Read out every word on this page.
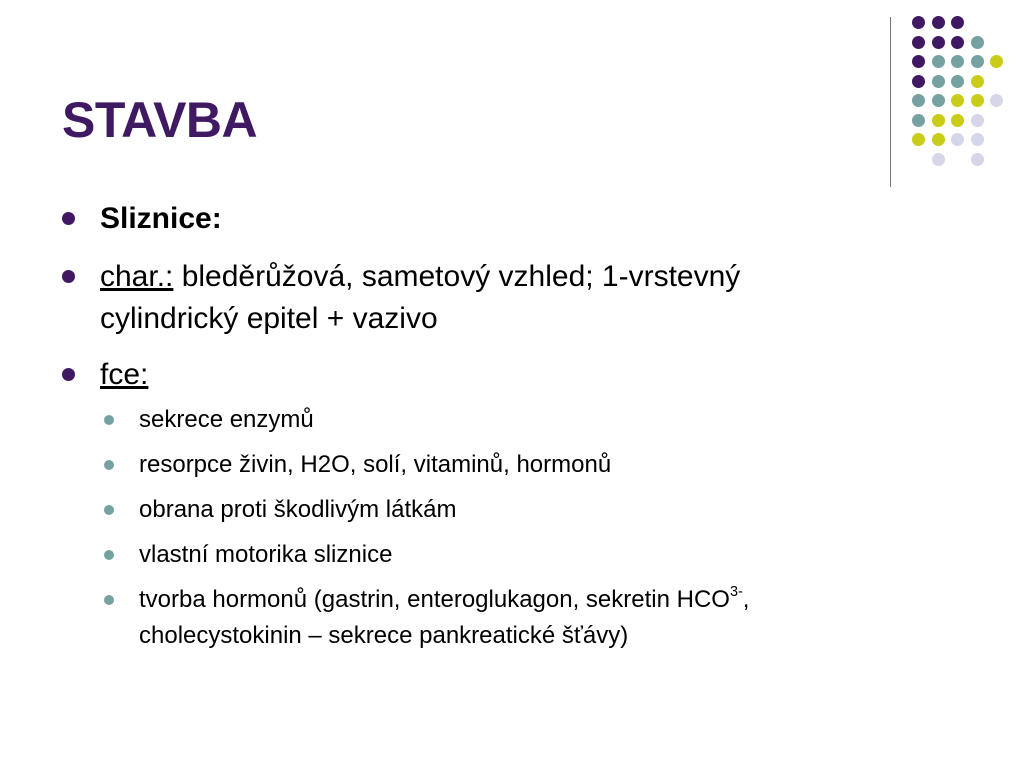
STAVBA
Sliznice:
char.: bleděrůžová, sametový vzhled; 1-vrstevný
cylindrický epitel + vazivo
fce:
sekrece enzymů
resorpce živin, H2O, solí, vitaminů, hormonů
obrana proti škodlivým látkám
vlastní motorika sliznice
tvorba hormonů (gastrin, enteroglukagon, sekretin $HCO^{3-}$,
cholecystokinin – sekrece pankreatické šťávy)
